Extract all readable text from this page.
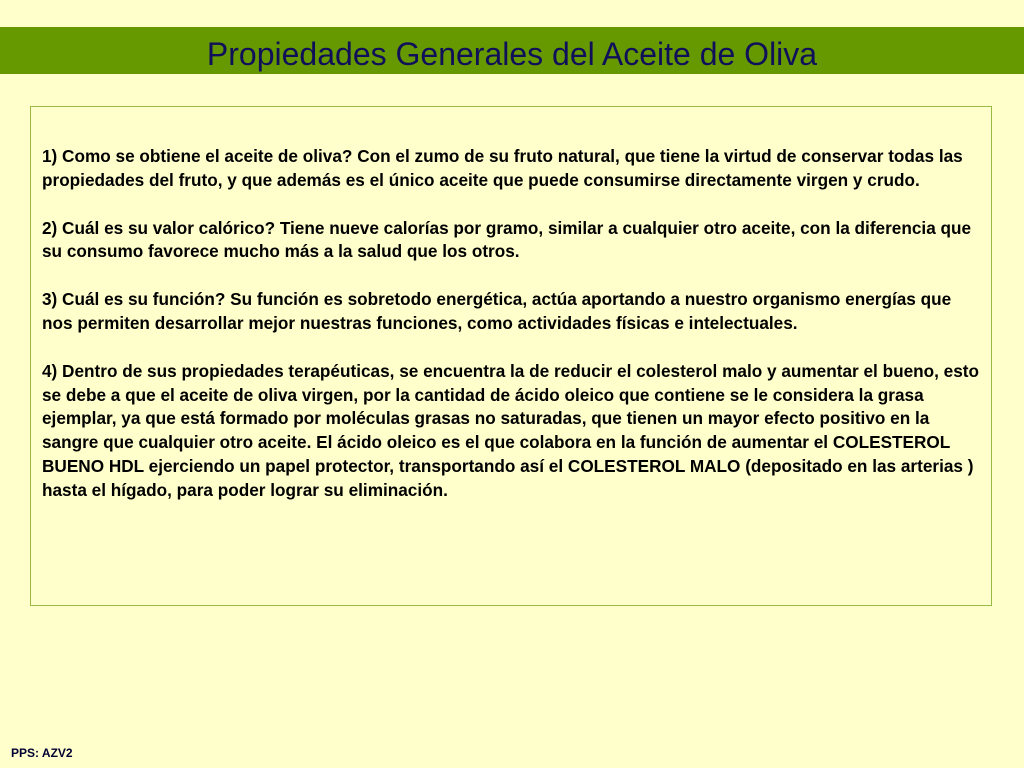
Propiedades Generales del Aceite de Oliva

1) Como se obtiene el aceite de oliva? Con el zumo de su fruto natural, que tiene la virtud de conservar todas las propiedades del fruto, y que además es el único aceite que puede consumirse directamente virgen y crudo.

2) Cuál es su valor calórico? Tiene nueve calorías por gramo, similar a cualquier otro aceite, con la diferencia que su consumo favorece mucho más a la salud que los otros.

3) Cuál es su función? Su función es sobretodo energética, actúa aportando a nuestro organismo energías que nos permiten desarrollar mejor nuestras funciones, como actividades físicas e intelectuales.

4) Dentro de sus propiedades terapéuticas, se encuentra la de reducir el colesterol malo y aumentar el bueno, esto se debe a que el aceite de oliva virgen, por la cantidad de ácido oleico que contiene se le considera la grasa ejemplar, ya que está formado por moléculas grasas no saturadas, que tienen un mayor efecto positivo en la sangre que cualquier otro aceite. El ácido oleico es el que colabora en la función de aumentar el COLESTEROL BUENO HDL ejerciendo un papel protector, transportando así el COLESTEROL MALO (depositado en las arterias ) hasta el hígado, para poder lograr su eliminación.

PPS: AZV2
